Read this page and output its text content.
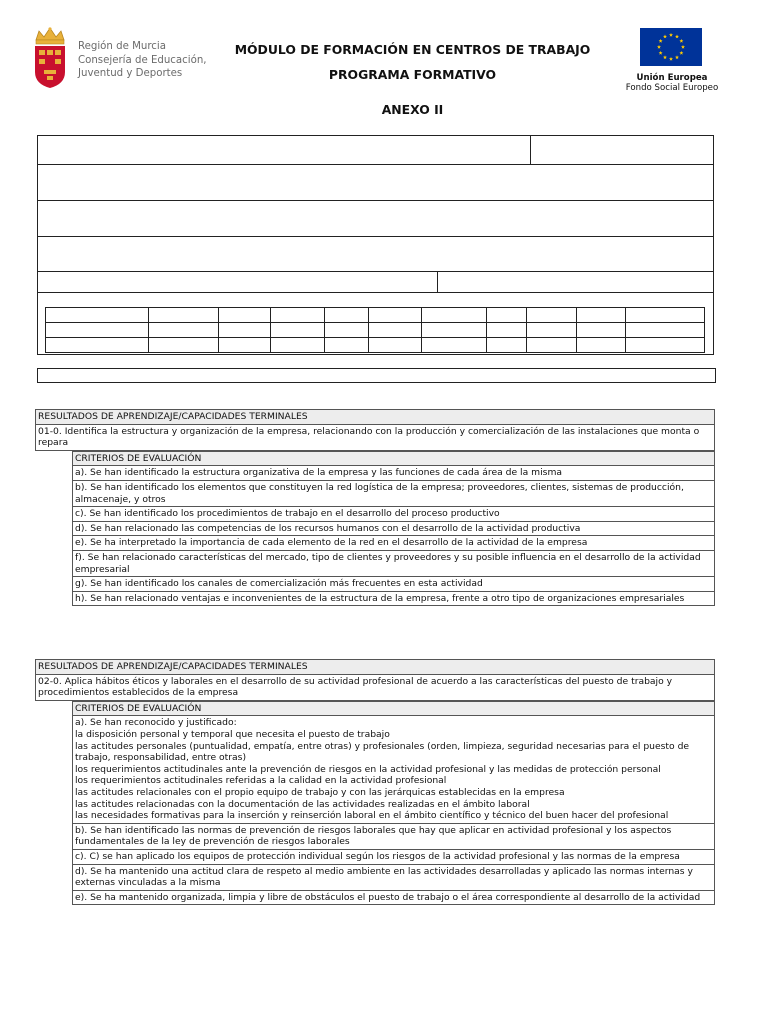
Región de Murcia
Consejería de Educación,
Juventud y Deportes
MÓDULO DE FORMACIÓN EN CENTROS DE TRABAJO
PROGRAMA FORMATIVO
ANEXO II
Unión Europea
Fondo Social Europeo
RESULTADOS DE APRENDIZAJE/CAPACIDADES TERMINALES
01-0. Identifica la estructura y organización de la empresa, relacionando con la producción y comercialización de las instalaciones que monta o repara
CRITERIOS DE EVALUACIÓN
a). Se han identificado la estructura organizativa de la empresa y las funciones de cada área de la misma
b). Se han identificado los elementos que constituyen la red logística de la empresa; proveedores, clientes, sistemas de producción, almacenaje, y otros
c). Se han identificado los procedimientos de trabajo en el desarrollo del proceso productivo
d). Se han relacionado las competencias de los recursos humanos con el desarrollo de la actividad productiva
e). Se ha interpretado la importancia de cada elemento de la red en el desarrollo de la actividad de la empresa
f). Se han relacionado características del mercado, tipo de clientes y proveedores y su posible influencia en el desarrollo de la actividad empresarial
g). Se han identificado los canales de comercialización más frecuentes en esta actividad
h). Se han relacionado ventajas e inconvenientes de la estructura de la empresa, frente a otro tipo de organizaciones empresariales
RESULTADOS DE APRENDIZAJE/CAPACIDADES TERMINALES
02-0. Aplica hábitos éticos y laborales en el desarrollo de su actividad profesional de acuerdo a las características del puesto de trabajo y procedimientos establecidos de la empresa
CRITERIOS DE EVALUACIÓN
a). Se han reconocido y justificado:
la disposición personal y temporal que necesita el puesto de trabajo
las actitudes personales (puntualidad, empatía, entre otras) y profesionales (orden, limpieza, seguridad necesarias para el puesto de trabajo, responsabilidad, entre otras)
los requerimientos actitudinales ante la prevención de riesgos en la actividad profesional y las medidas de protección personal
los requerimientos actitudinales referidas a la calidad en la actividad profesional
las actitudes relacionales con el propio equipo de trabajo y con las jerárquicas establecidas en la empresa
las actitudes relacionadas con la documentación de las actividades realizadas en el ámbito laboral
las necesidades formativas para la inserción y reinserción laboral en el ámbito científico y técnico del buen hacer del profesional
b). Se han identificado las normas de prevención de riesgos laborales que hay que aplicar en actividad profesional y los aspectos fundamentales de la ley de prevención de riesgos laborales
c). C) se han aplicado los equipos de protección individual según los riesgos de la actividad profesional y las normas de la empresa
d). Se ha mantenido una actitud clara de respeto al medio ambiente en las actividades desarrolladas y aplicado las normas internas y externas vinculadas a la misma
e). Se ha mantenido organizada, limpia y libre de obstáculos el puesto de trabajo o el área correspondiente al desarrollo de la actividad
